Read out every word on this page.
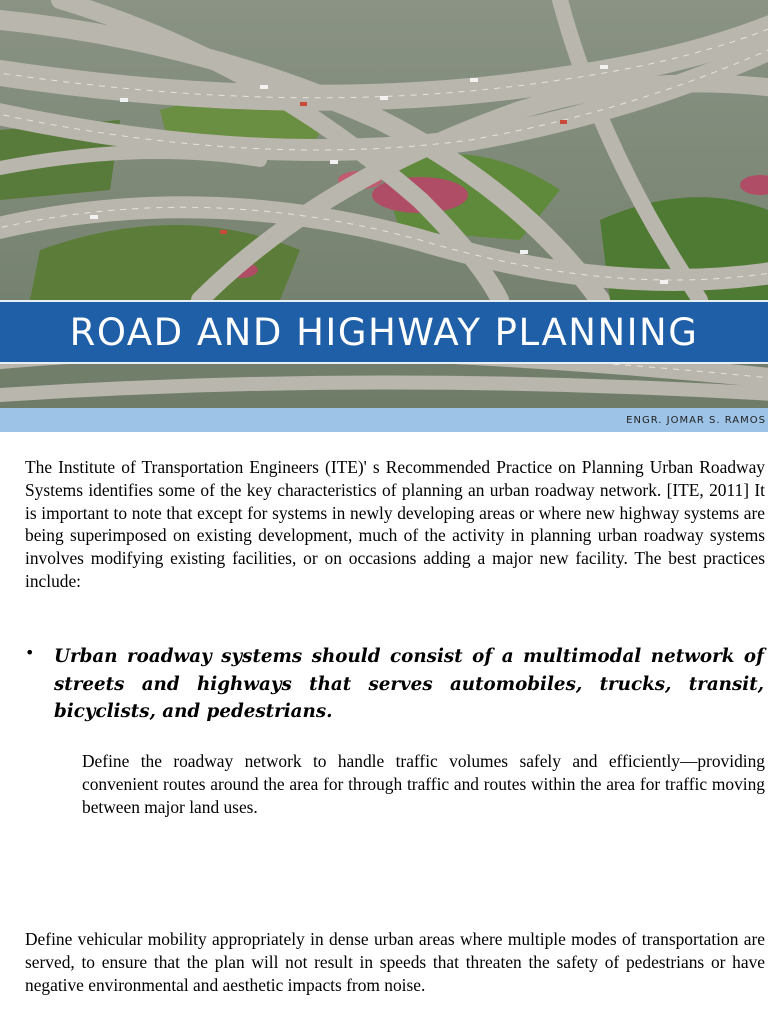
ROAD AND HIGHWAY PLANNING
ENGR. JOMAR S. RAMOS

The Institute of Transportation Engineers (ITE)' s Recommended Practice on Planning Urban Roadway Systems identifies some of the key characteristics of planning an urban roadway network. [ITE, 2011] It is important to note that except for systems in newly developing areas or where new highway systems are being superimposed on existing development, much of the activity in planning urban roadway systems involves modifying existing facilities, or on occasions adding a major new facility. The best practices include:

• Urban roadway systems should consist of a multimodal network of streets and highways that serves automobiles, trucks, transit, bicyclists, and pedestrians.

Define the roadway network to handle traffic volumes safely and efficiently—providing convenient routes around the area for through traffic and routes within the area for traffic moving between major land uses.

Define vehicular mobility appropriately in dense urban areas where multiple modes of transportation are served, to ensure that the plan will not result in speeds that threaten the safety of pedestrians or have negative environmental and aesthetic impacts from noise.
